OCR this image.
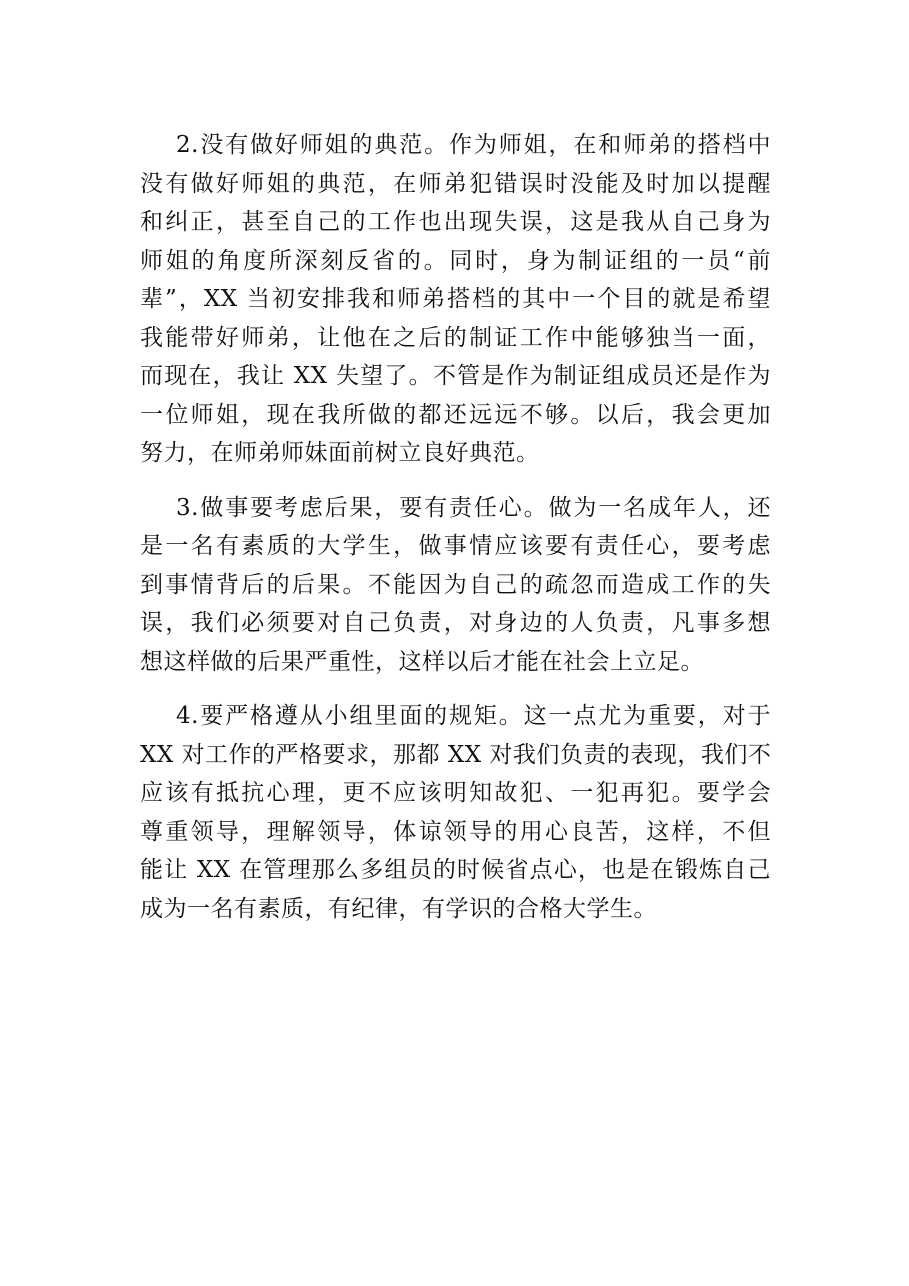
2.没有做好师姐的典范。作为师姐，在和师弟的搭档中
没有做好师姐的典范，在师弟犯错误时没能及时加以提醒
和纠正，甚至自己的工作也出现失误，这是我从自己身为
师姐的角度所深刻反省的。同时，身为制证组的一员“前
辈”，XX 当初安排我和师弟搭档的其中一个目的就是希望
我能带好师弟，让他在之后的制证工作中能够独当一面，
而现在，我让 XX 失望了。不管是作为制证组成员还是作为
一位师姐，现在我所做的都还远远不够。以后，我会更加
努力，在师弟师妹面前树立良好典范。
3.做事要考虑后果，要有责任心。做为一名成年人，还
是一名有素质的大学生，做事情应该要有责任心，要考虑
到事情背后的后果。不能因为自己的疏忽而造成工作的失
误，我们必须要对自己负责，对身边的人负责，凡事多想
想这样做的后果严重性，这样以后才能在社会上立足。
4.要严格遵从小组里面的规矩。这一点尤为重要，对于
XX 对工作的严格要求，那都 XX 对我们负责的表现，我们不
应该有抵抗心理，更不应该明知故犯、一犯再犯。要学会
尊重领导，理解领导，体谅领导的用心良苦，这样，不但
能让 XX 在管理那么多组员的时候省点心，也是在锻炼自己
成为一名有素质，有纪律，有学识的合格大学生。
